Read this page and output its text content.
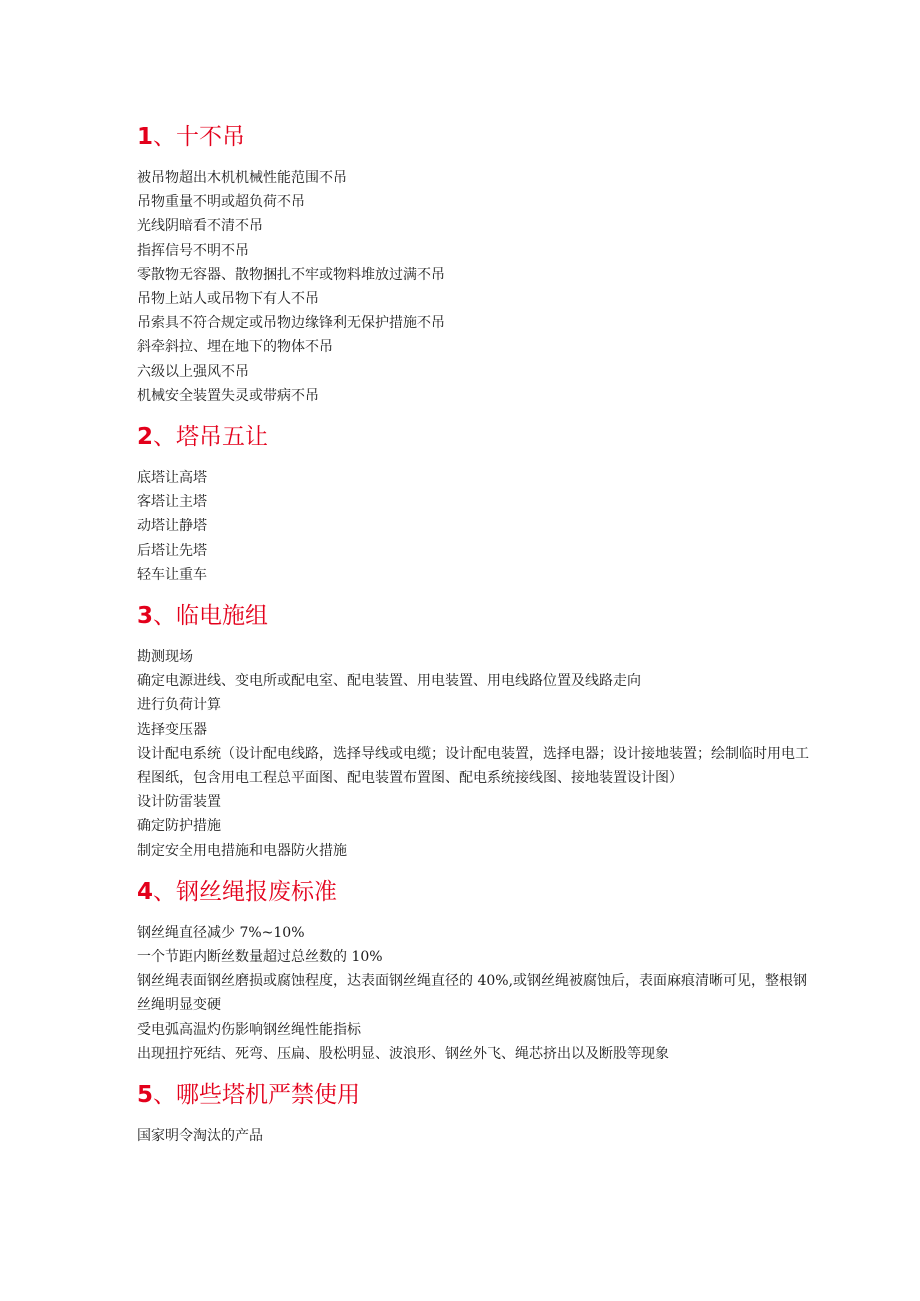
1、十不吊
被吊物超出木机机械性能范围不吊
吊物重量不明或超负荷不吊
光线阴暗看不清不吊
指挥信号不明不吊
零散物无容器、散物捆扎不牢或物料堆放过满不吊
吊物上站人或吊物下有人不吊
吊索具不符合规定或吊物边缘锋利无保护措施不吊
斜牵斜拉、埋在地下的物体不吊
六级以上强风不吊
机械安全装置失灵或带病不吊
2、塔吊五让
底塔让高塔
客塔让主塔
动塔让静塔
后塔让先塔
轻车让重车
3、临电施组
勘测现场
确定电源进线、变电所或配电室、配电装置、用电装置、用电线路位置及线路走向
进行负荷计算
选择变压器
设计配电系统（设计配电线路，选择导线或电缆；设计配电装置，选择电器；设计接地装置；绘制临时用电工程图纸，包含用电工程总平面图、配电装置布置图、配电系统接线图、接地装置设计图）
设计防雷装置
确定防护措施
制定安全用电措施和电器防火措施
4、钢丝绳报废标准
钢丝绳直径减少 7%~10%
一个节距内断丝数量超过总丝数的 10%
钢丝绳表面钢丝磨损或腐蚀程度，达表面钢丝绳直径的 40%,或钢丝绳被腐蚀后，表面麻痕清晰可见，整根钢丝绳明显变硬
受电弧高温灼伤影响钢丝绳性能指标
出现扭拧死结、死弯、压扁、股松明显、波浪形、钢丝外飞、绳芯挤出以及断股等现象
5、哪些塔机严禁使用
国家明令淘汰的产品
